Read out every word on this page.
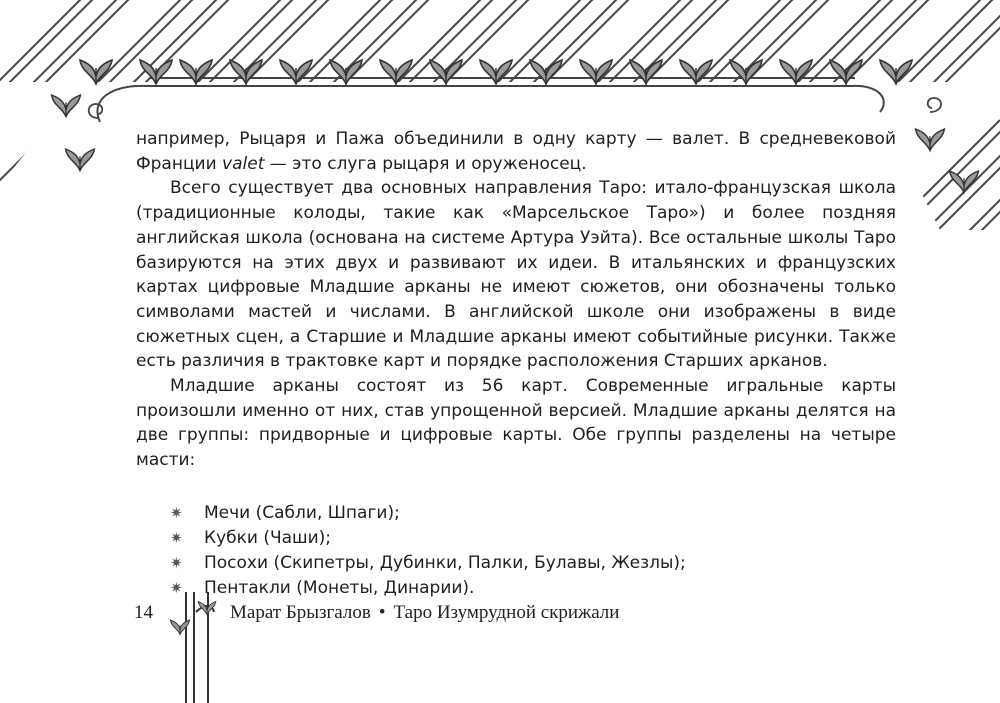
например, Рыцаря и Пажа объединили в одну карту — валет. В средневековой Франции valet — это слуга рыцаря и оруженосец.

Всего существует два основных направления Таро: итало-французская школа (традиционные колоды, такие как «Марсельское Таро») и более поздняя английская школа (основана на системе Артура Уэйта). Все остальные школы Таро базируются на этих двух и развивают их идеи. В итальянских и французских картах цифровые Младшие арканы не имеют сюжетов, они обозначены только символами мастей и числами. В английской школе они изображены в виде сюжетных сцен, а Старшие и Младшие арканы имеют событийные рисунки. Также есть различия в трактовке карт и порядке расположения Старших арканов.

Младшие арканы состоят из 56 карт. Современные игральные карты произошли именно от них, став упрощенной версией. Младшие арканы делятся на две группы: придворные и цифровые карты. Обе группы разделены на четыре масти:

✷ Мечи (Сабли, Шпаги);
✷ Кубки (Чаши);
✷ Посохи (Скипетры, Дубинки, Палки, Булавы, Жезлы);
✷ Пентакли (Монеты, Динарии).
14	Марат Брызгалов • Таро Изумрудной скрижали
